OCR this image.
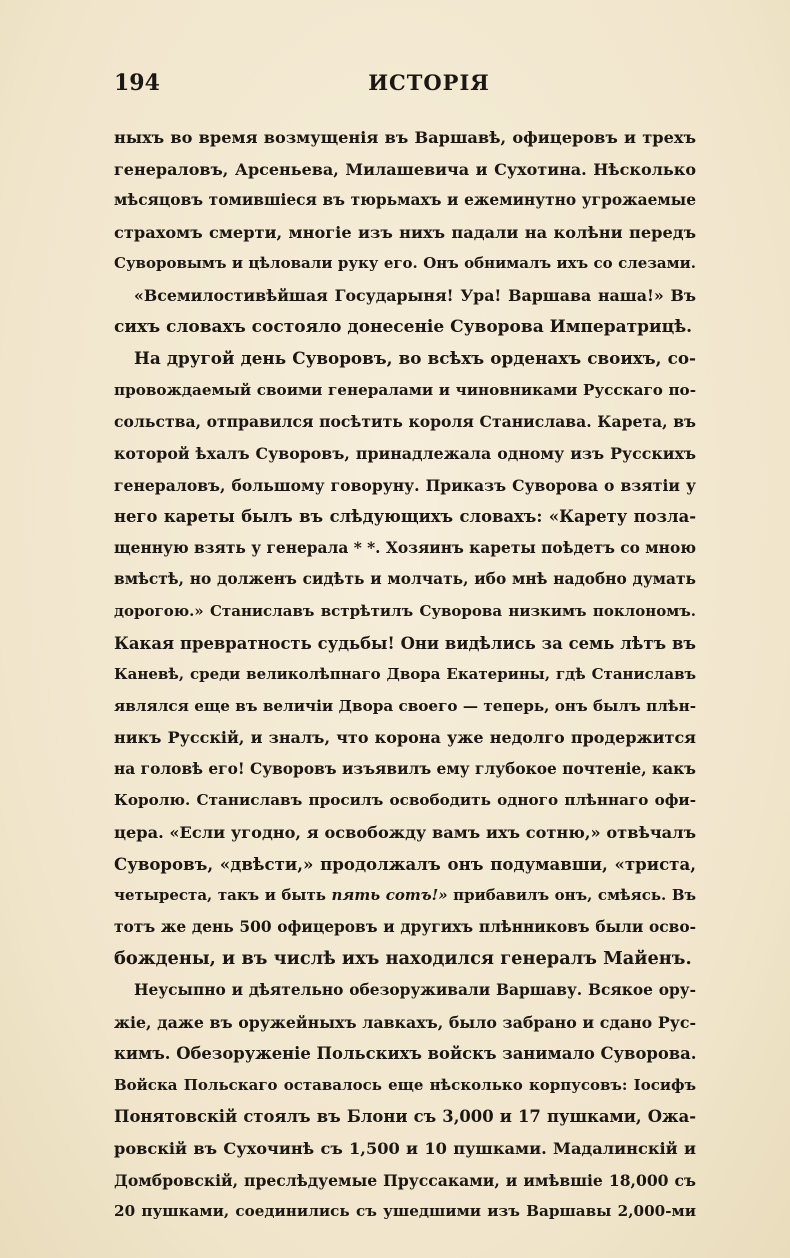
194	ИСТОРІЯ
ныхъ во время возмущенія въ Варшавѣ, офицеровъ и трехъ
генераловъ, Арсеньева, Милашевича и Сухотина. Нѣсколько
мѣсяцовъ томившіеся въ тюрьмахъ и ежеминутно угрожаемые
страхомъ смерти, многіе изъ нихъ падали на колѣни передъ
Суворовымъ и цѣловали руку его. Онъ обнималъ ихъ со слезами.
«Всемилостивѣйшая Государыня! Ура! Варшава наша!» Въ
сихъ словахъ состояло донесеніе Суворова Императрицѣ.
На другой день Суворовъ, во всѣхъ орденахъ своихъ, со-
провождаемый своими генералами и чиновниками Русскаго по-
сольства, отправился посѣтить короля Станислава. Карета, въ
которой ѣхалъ Суворовъ, принадлежала одному изъ Русскихъ
генераловъ, большому говоруну. Приказъ Суворова о взятіи у
него кареты былъ въ слѣдующихъ словахъ: «Карету позла-
щенную взять у генерала * *. Хозяинъ кареты поѣдетъ со мною
вмѣстѣ, но долженъ сидѣть и молчать, ибо мнѣ надобно думать
дорогою.» Станиславъ встрѣтилъ Суворова низкимъ поклономъ.
Какая превратность судьбы! Они видѣлись за семь лѣтъ въ
Каневѣ, среди великолѣпнаго Двора Екатерины, гдѣ Станиславъ
являлся еще въ величіи Двора своего — теперь, онъ былъ плѣн-
никъ Русскій, и зналъ, что корона уже недолго продержится
на головѣ его! Суворовъ изъявилъ ему глубокое почтеніе, какъ
Королю. Станиславъ просилъ освободить одного плѣннаго офи-
цера. «Если угодно, я освобожду вамъ ихъ сотню,» отвѣчалъ
Суворовъ, «двѣсти,» продолжалъ онъ подумавши, «триста,
четыреста, такъ и быть пять сотъ!» прибавилъ онъ, смѣясь. Въ
тотъ же день 500 офицеровъ и другихъ плѣнниковъ были осво-
бождены, и въ числѣ ихъ находился генералъ Майенъ.
Неусыпно и дѣятельно обезоруживали Варшаву. Всякое ору-
жіе, даже въ оружейныхъ лавкахъ, было забрано и сдано Рус-
кимъ. Обезоруженіе Польскихъ войскъ занимало Суворова.
Войска Польскаго оставалось еще нѣсколько корпусовъ: Іосифъ
Понятовскій стоялъ въ Блони съ 3,000 и 17 пушками, Ожа-
ровскій въ Сухочинѣ съ 1,500 и 10 пушками. Мадалинскій и
Домбровскій, преслѣдуемые Пруссаками, и имѣвшіе 18,000 съ
20 пушками, соединились съ ушедшими изъ Варшавы 2,000-ми
